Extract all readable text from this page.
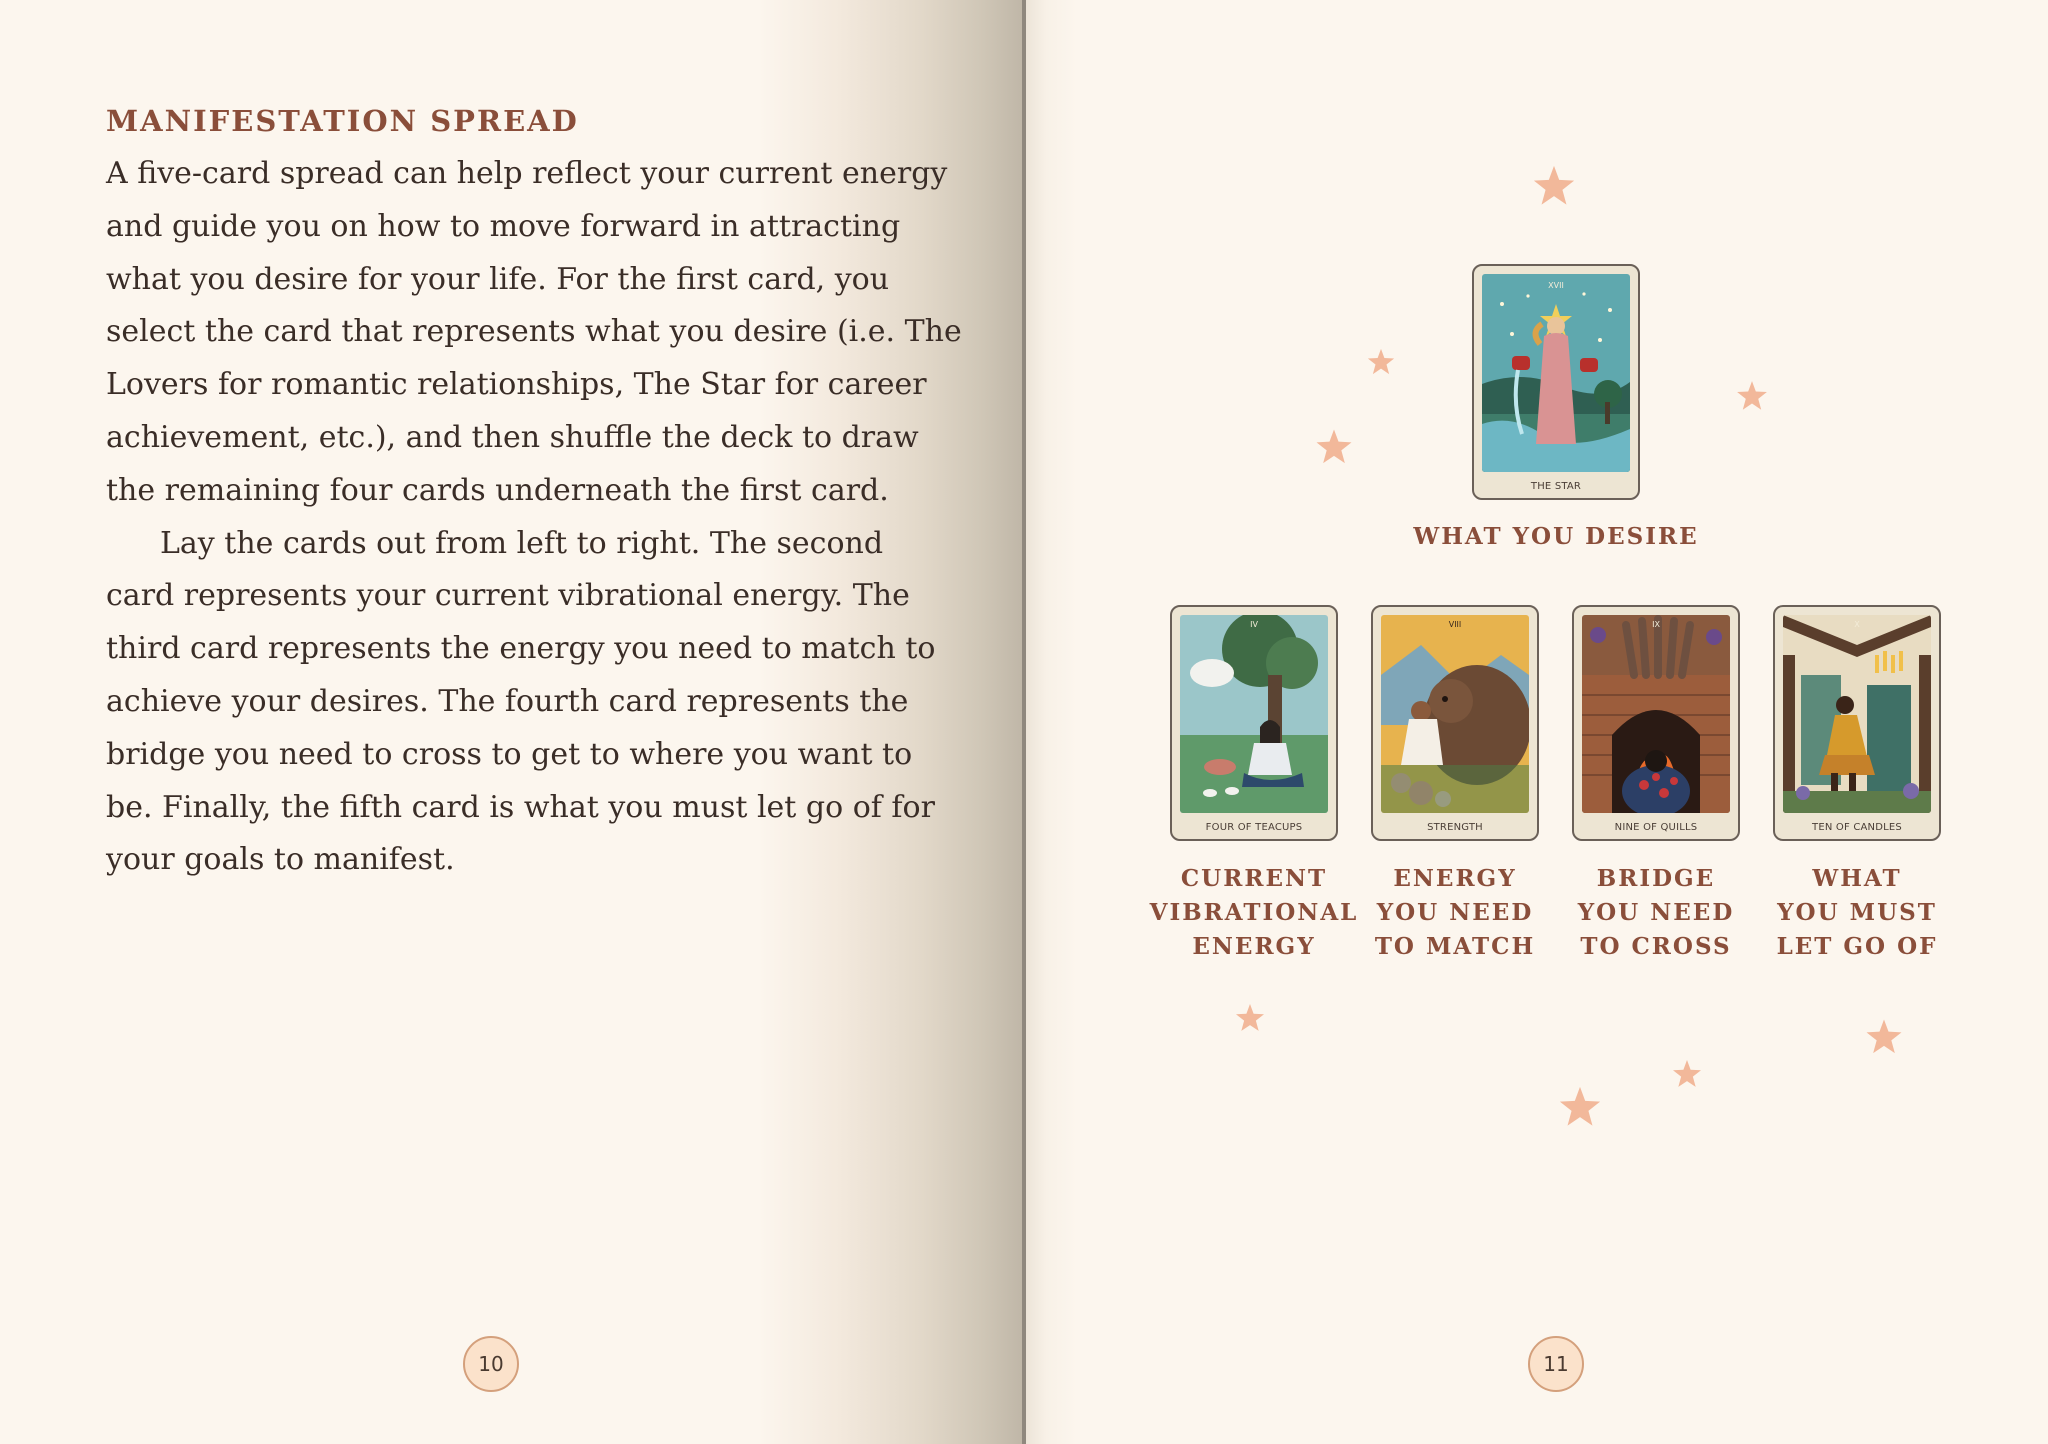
MANIFESTATION SPREAD

A five-card spread can help reflect your current energy

and guide you on how to move forward in attracting

what you desire for your life. For the first card, you

select the card that represents what you desire (i.e. The

Lovers for romantic relationships, The Star for career

achievement, etc.), and then shuffle the deck to draw

the remaining four cards underneath the first card.

Lay the cards out from left to right. The second

card represents your current vibrational energy. The

third card represents the energy you need to match to

achieve your desires. The fourth card represents the

bridge you need to cross to get to where you want to

be. Finally, the fifth card is what you must let go of for

your goals to manifest.

10
XVII
THE STAR
WHAT YOU DESIRE
IV
FOUR OF TEACUPS
CURRENT
VIBRATIONAL
ENERGY
VIII
STRENGTH
ENERGY
YOU NEED
TO MATCH
IX
NINE OF QUILLS
BRIDGE
YOU NEED
TO CROSS
X
TEN OF CANDLES
WHAT
YOU MUST
LET GO OF
11
